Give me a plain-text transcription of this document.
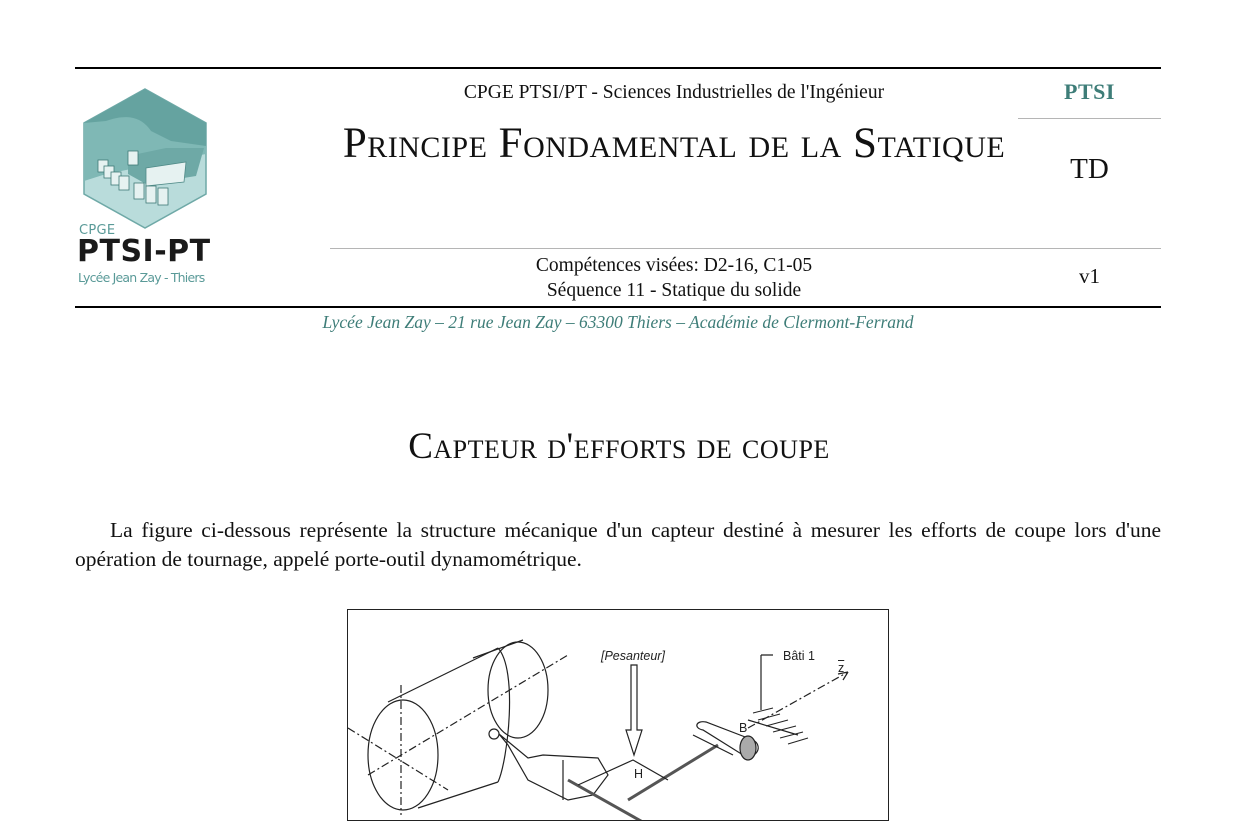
CPGE
PTSI-PT
Lycée Jean Zay - Thiers
CPGE PTSI/PT - Sciences Industrielles de l'Ingénieur
Principe Fondamental de la Statique
Compétences visées: D2-16, C1-05
Séquence 11 - Statique du solide
PTSI
TD
v1
Lycée Jean Zay – 21 rue Jean Zay – 63300 Thiers – Académie de Clermont-Ferrand
Capteur d'efforts de coupe

La figure ci-dessous représente la structure mécanique d'un capteur destiné à mesurer les efforts de coupe lors d'une opération de tournage, appelé porte-outil dynamométrique.

[Pesanteur]	Bâti 1
B
H
$\overline{z}$
